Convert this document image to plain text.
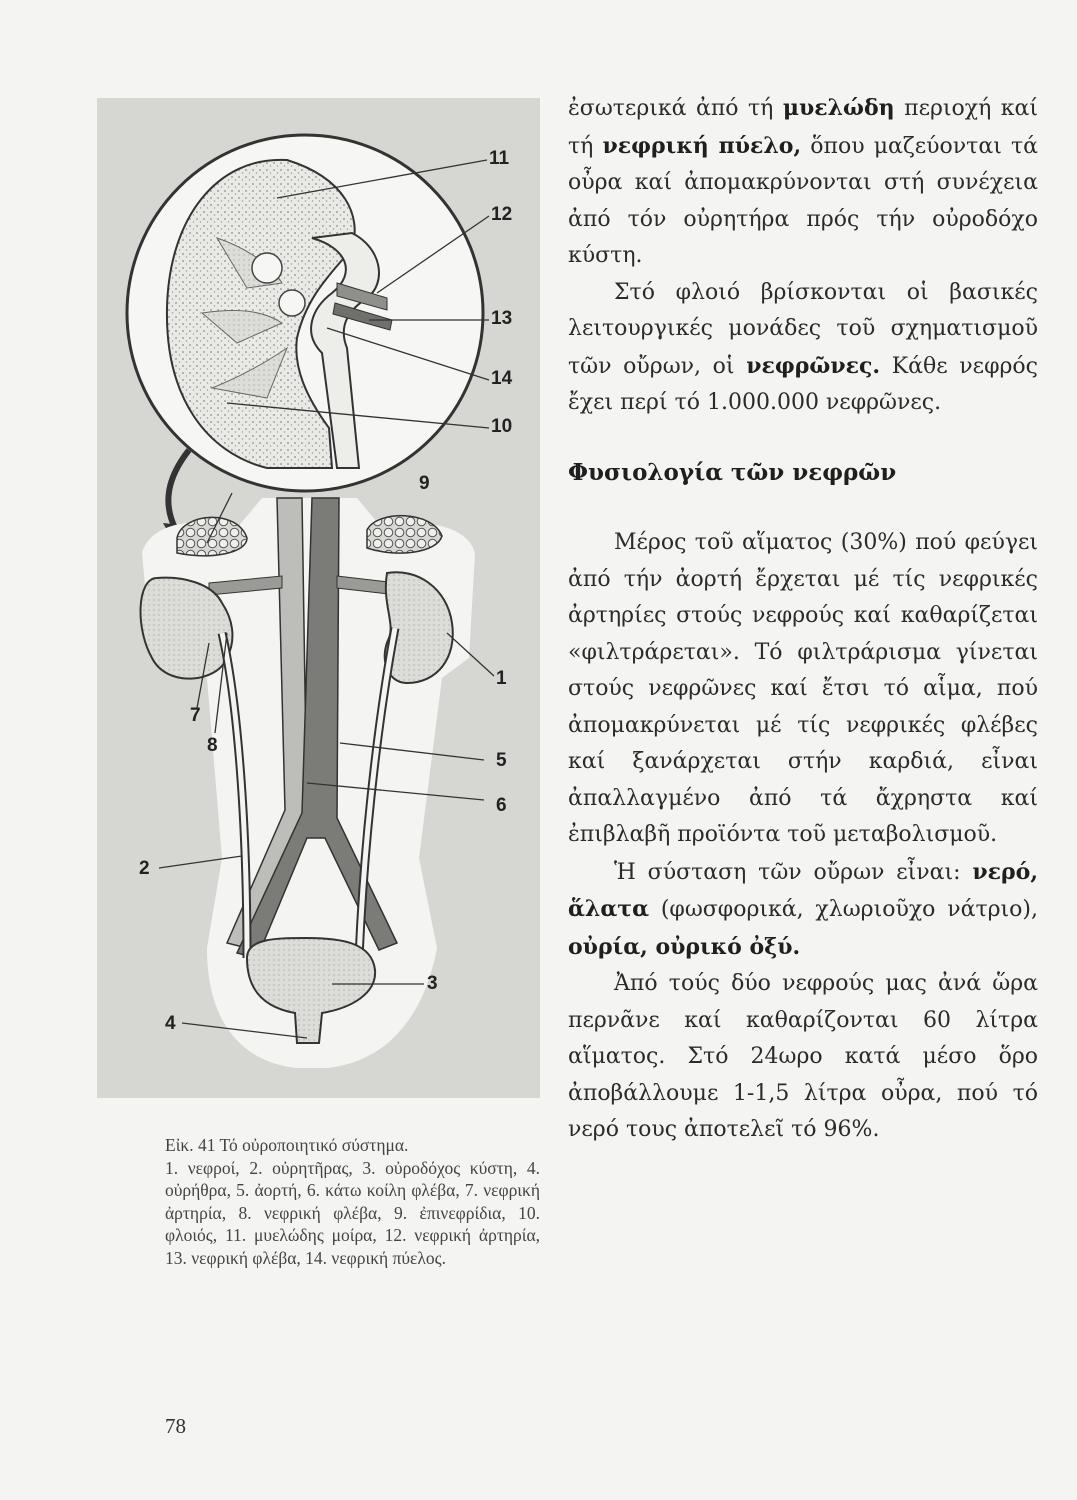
11
12
13
14
10
9
1
7
8
5
6
2
3
4

Εἰκ. 41 Τό οὐροποιητικό σύστημα.

1. νεφροί, 2. οὐρητῆρας, 3. οὐροδόχος κύστη, 4. οὐρήθρα, 5. ἀορτή, 6. κάτω κοίλη φλέβα, 7. νεφρική ἀρτηρία, 8. νεφρική φλέβα, 9. ἐπινεφρίδια, 10. φλοιός, 11. μυελώδης μοίρα, 12. νεφρική ἀρτηρία, 13. νεφρική φλέβα, 14. νεφρική πύελος.

ἐσωτερικά ἀπό τή μυελώδη περιοχή καί τή νεφρική πύελο, ὅπου μαζεύονται τά οὖρα καί ἀπομακρύνονται στή συνέχεια ἀπό τόν οὐρητήρα πρός τήν οὐροδόχο κύστη.

Στό φλοιό βρίσκονται οἱ βασικές λειτουργικές μονάδες τοῦ σχηματισμοῦ τῶν οὔρων, οἱ νεφρῶνες. Κάθε νεφρός ἔχει περί τό 1.000.000 νεφρῶνες.

Φυσιολογία τῶν νεφρῶν

Μέρος τοῦ αἵματος (30%) πού φεύγει ἀπό τήν ἀορτή ἔρχεται μέ τίς νεφρικές ἀρτηρίες στούς νεφρούς καί καθαρίζεται «φιλτράρεται». Τό φιλτράρισμα γίνεται στούς νεφρῶνες καί ἔτσι τό αἷμα, πού ἀπομακρύνεται μέ τίς νεφρικές φλέβες καί ξανάρχεται στήν καρδιά, εἶναι ἀπαλλαγμένο ἀπό τά ἄχρηστα καί ἐπιβλαβῆ προϊόντα τοῦ μεταβολισμοῦ.

Ἡ σύσταση τῶν οὔρων εἶναι: νερό, ἅλατα (φωσφορικά, χλωριοῦχο νάτριο), οὐρία, οὐρικό ὀξύ.

Ἀπό τούς δύο νεφρούς μας ἀνά ὥρα περνᾶνε καί καθαρίζονται 60 λίτρα αἵματος. Στό 24ωρο κατά μέσο ὅρο ἀποβάλλουμε 1-1,5 λίτρα οὖρα, πού τό νερό τους ἀποτελεῖ τό 96%.

78
